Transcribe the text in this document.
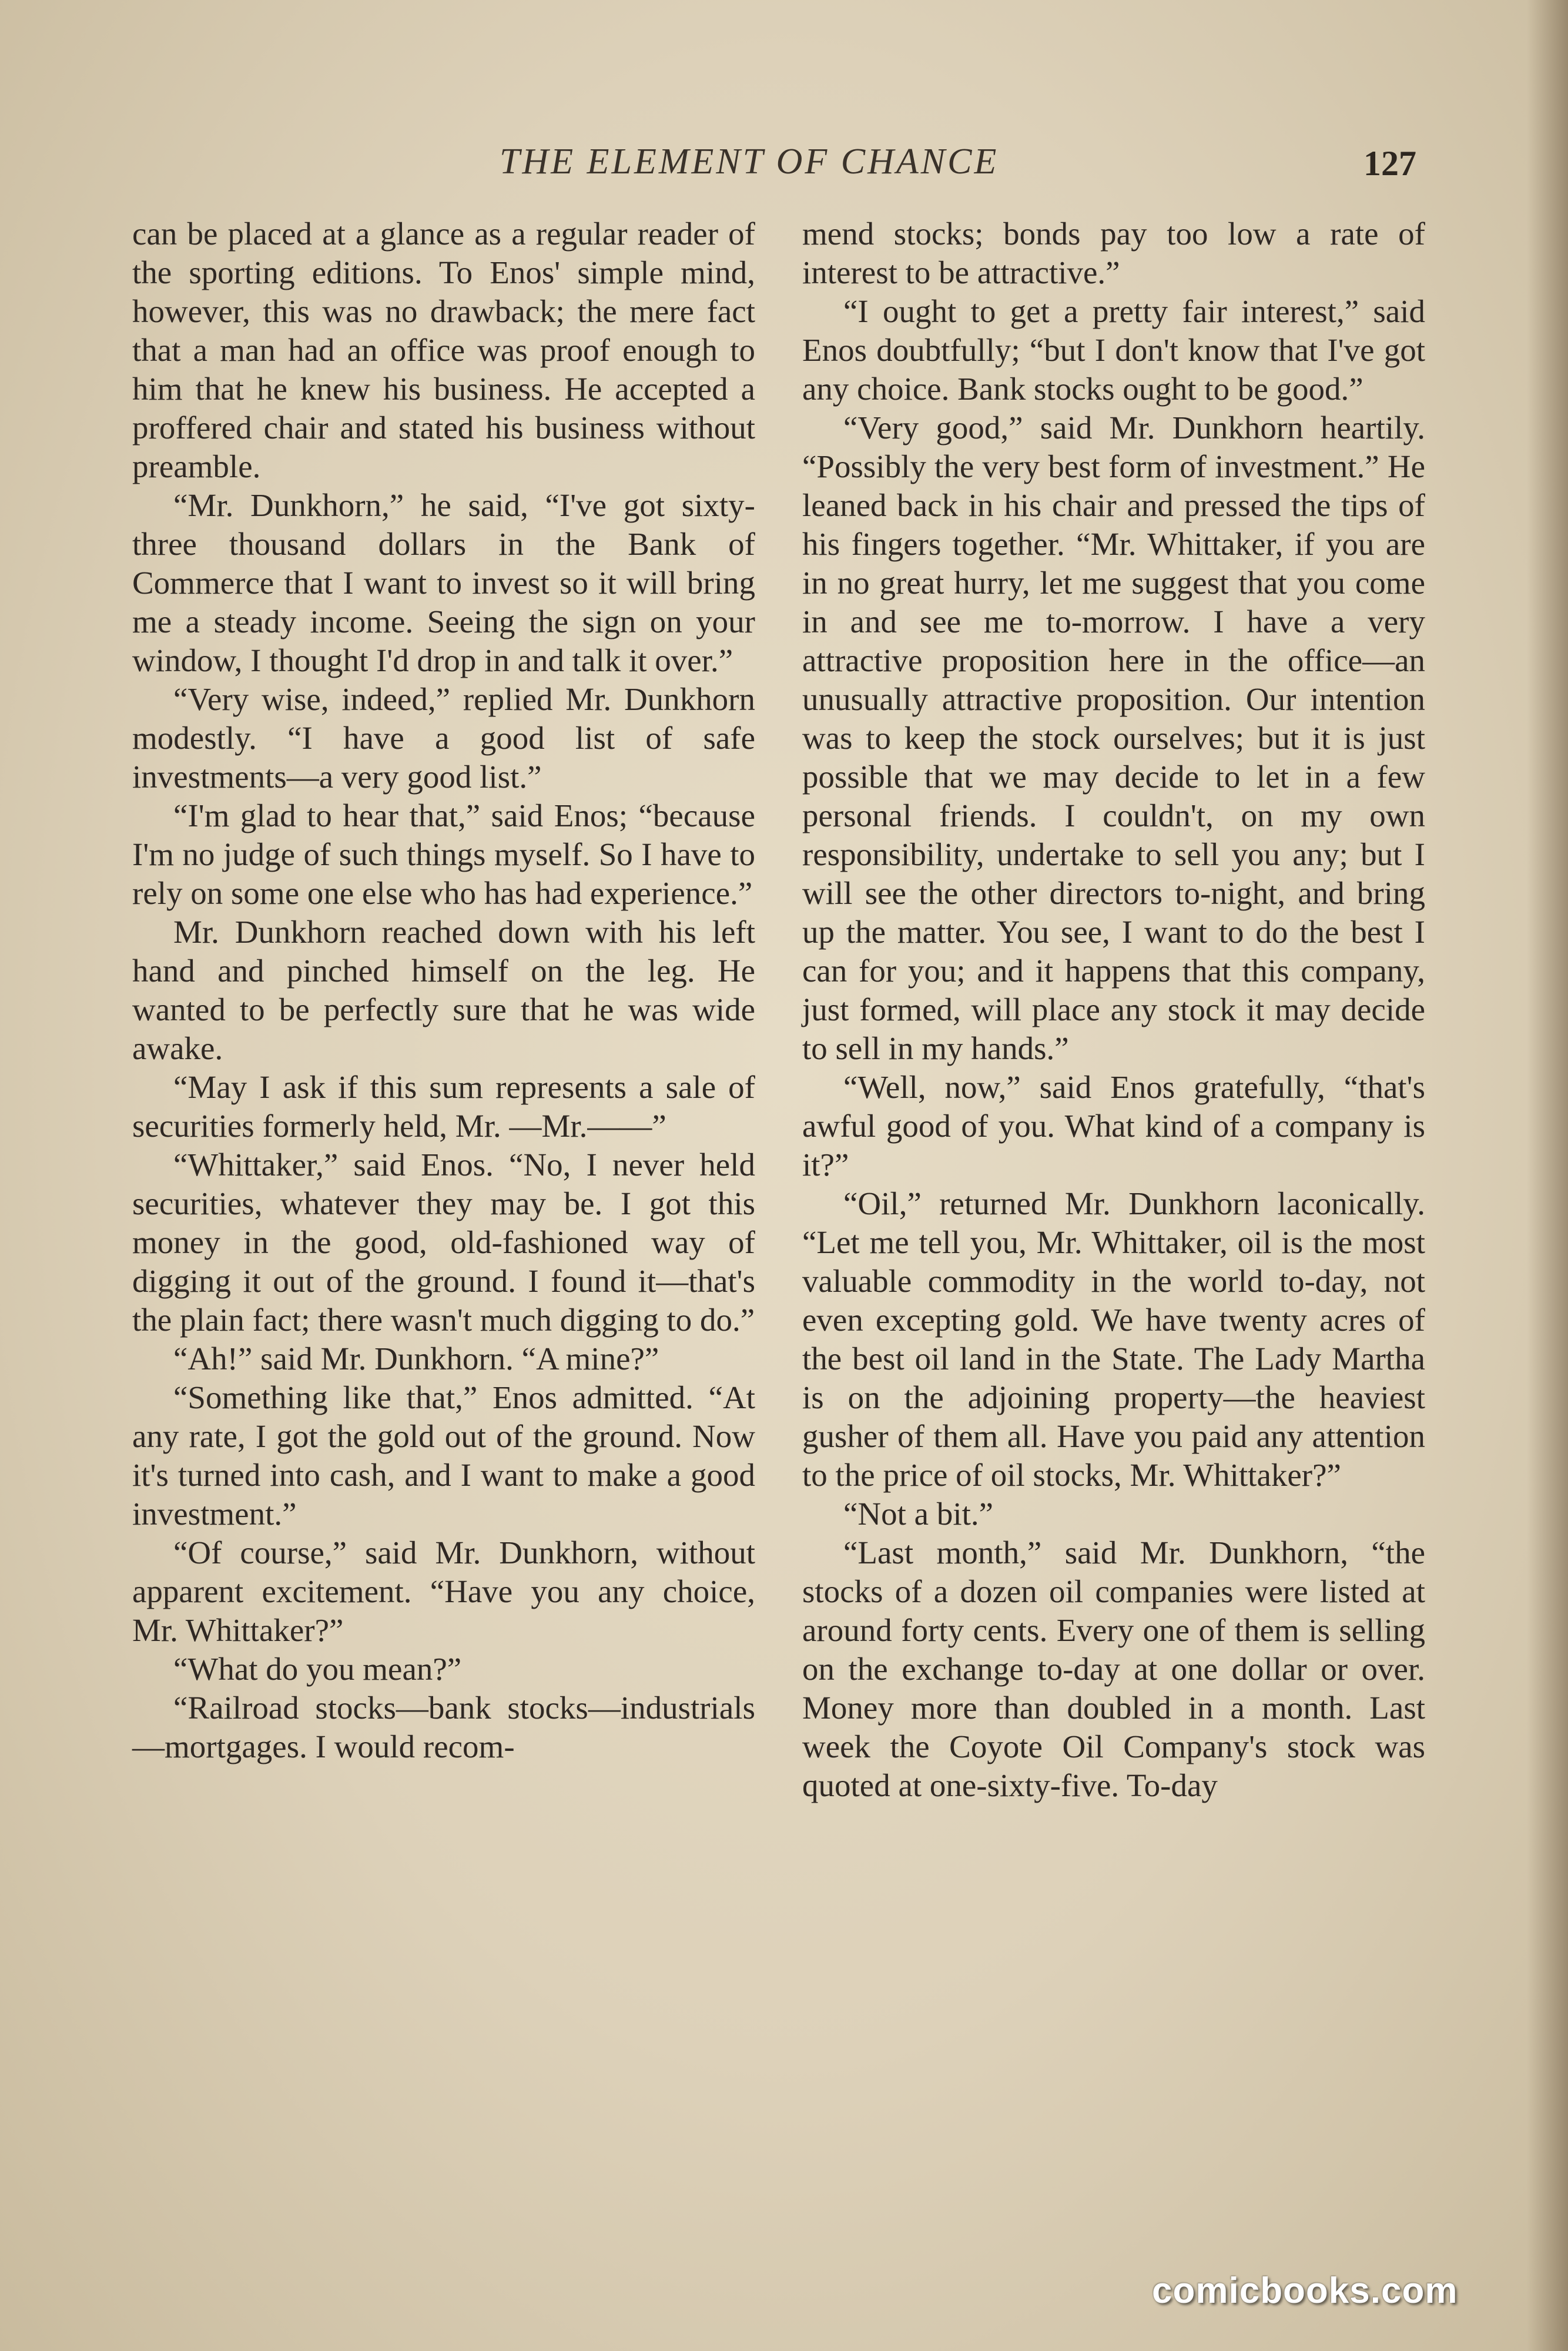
THE ELEMENT OF CHANCE	127

can be placed at a glance as a regular reader of the sporting editions. To Enos' simple mind, however, this was no drawback; the mere fact that a man had an office was proof enough to him that he knew his business. He accepted a proffered chair and stated his business without preamble.

“Mr. Dunkhorn,” he said, “I've got sixty-three thousand dollars in the Bank of Commerce that I want to invest so it will bring me a steady income. Seeing the sign on your window, I thought I'd drop in and talk it over.”

“Very wise, indeed,” replied Mr. Dunkhorn modestly. “I have a good list of safe investments—a very good list.”

“I'm glad to hear that,” said Enos; “because I'm no judge of such things myself. So I have to rely on some one else who has had experience.”

Mr. Dunkhorn reached down with his left hand and pinched himself on the leg. He wanted to be perfectly sure that he was wide awake.

“May I ask if this sum represents a sale of securities formerly held, Mr. —Mr.——”

“Whittaker,” said Enos. “No, I never held securities, whatever they may be. I got this money in the good, old-fashioned way of digging it out of the ground. I found it—that's the plain fact; there wasn't much digging to do.”

“Ah!” said Mr. Dunkhorn. “A mine?”

“Something like that,” Enos admitted. “At any rate, I got the gold out of the ground. Now it's turned into cash, and I want to make a good investment.”

“Of course,” said Mr. Dunkhorn, without apparent excitement. “Have you any choice, Mr. Whittaker?”

“What do you mean?”

“Railroad stocks—bank stocks—industrials—mortgages. I would recom-

mend stocks; bonds pay too low a rate of interest to be attractive.”

“I ought to get a pretty fair interest,” said Enos doubtfully; “but I don't know that I've got any choice. Bank stocks ought to be good.”

“Very good,” said Mr. Dunkhorn heartily. “Possibly the very best form of investment.” He leaned back in his chair and pressed the tips of his fingers together. “Mr. Whittaker, if you are in no great hurry, let me suggest that you come in and see me to-morrow. I have a very attractive proposition here in the office—an unusually attractive proposition. Our intention was to keep the stock ourselves; but it is just possible that we may decide to let in a few personal friends. I couldn't, on my own responsibility, undertake to sell you any; but I will see the other directors to-night, and bring up the matter. You see, I want to do the best I can for you; and it happens that this company, just formed, will place any stock it may decide to sell in my hands.”

“Well, now,” said Enos gratefully, “that's awful good of you. What kind of a company is it?”

“Oil,” returned Mr. Dunkhorn laconically. “Let me tell you, Mr. Whittaker, oil is the most valuable commodity in the world to-day, not even excepting gold. We have twenty acres of the best oil land in the State. The Lady Martha is on the adjoining property—the heaviest gusher of them all. Have you paid any attention to the price of oil stocks, Mr. Whittaker?”

“Not a bit.”

“Last month,” said Mr. Dunkhorn, “the stocks of a dozen oil companies were listed at around forty cents. Every one of them is selling on the exchange to-day at one dollar or over. Money more than doubled in a month. Last week the Coyote Oil Company's stock was quoted at one-sixty-five. To-day

comicbooks.com
